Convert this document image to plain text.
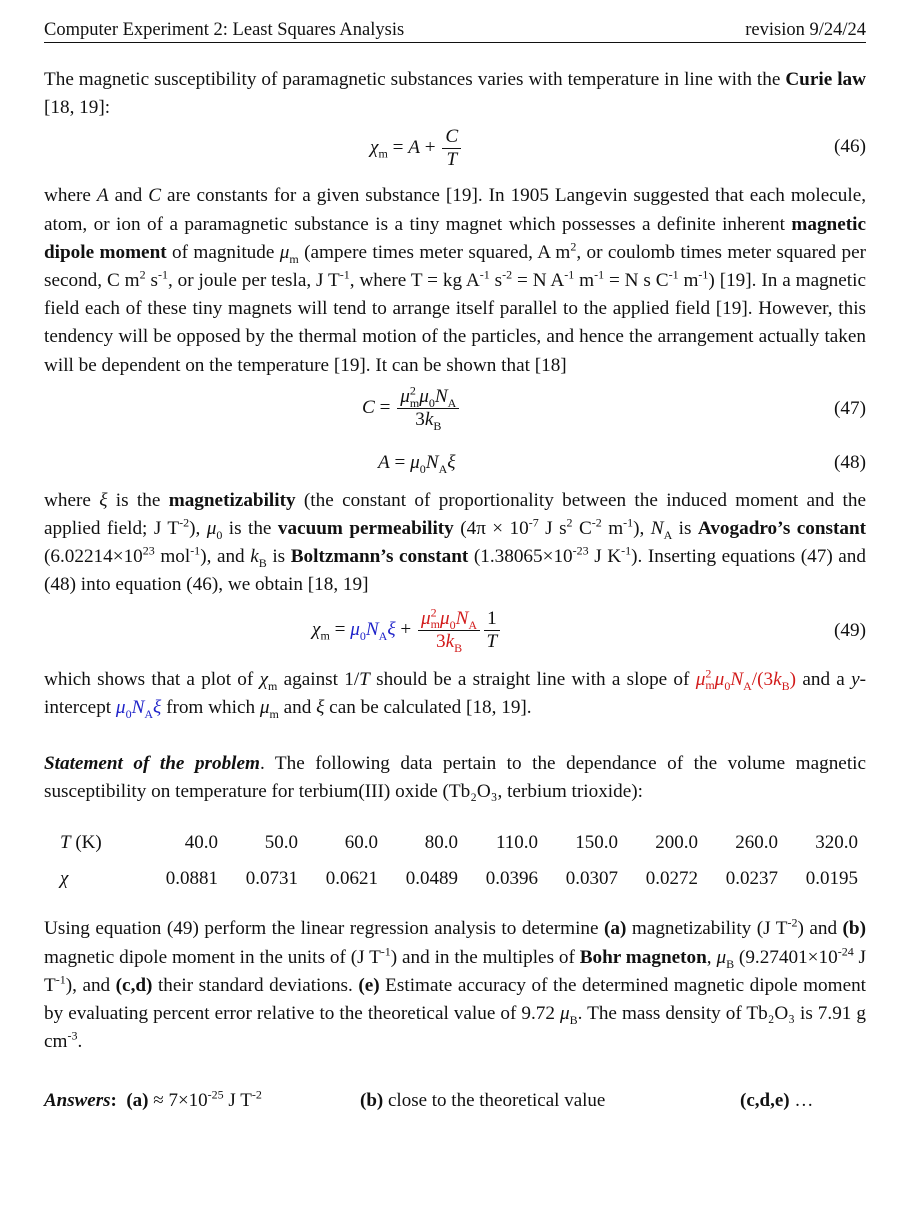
Computer Experiment 2: Least Squares Analysis	revision 9/24/24

The magnetic susceptibility of paramagnetic substances varies with temperature in line with the Curie law [18, 19]:

$\chi_m = A + \frac{C}{T}$	(46)

where A and C are constants for a given substance [19]. In 1905 Langevin suggested that each molecule, atom, or ion of a paramagnetic substance is a tiny magnet which possesses a definite inherent magnetic dipole moment of magnitude $\mu_m$ (ampere times meter squared, A $m^2$, or coulomb times meter squared per second, C $m^2$ $s^{-1}$, or joule per tesla, J $T^{-1}$, where T = kg $A^{-1}$ $s^{-2} = N$ $A^{-1}$ $m^{-1} = N$ s $C^{-1}$ $m^{-1}$) [19]. In a magnetic field each of these tiny magnets will tend to arrange itself parallel to the applied field [19]. However, this tendency will be opposed by the thermal motion of the particles, and hence the arrangement actually taken will be dependent on the temperature [19]. It can be shown that [18]

$C = \frac{\mu^2_m\mu_0N_A}{3k_B}$	(47)
$A = \mu_0N_A\xi$	(48)

where ξ is the magnetizability (the constant of proportionality between the induced moment and the applied field; J $T^{-2}$), $\mu_0$ is the vacuum permeability ($4\pi \times 10^{-7}$ J $s^2$ $C^{-2}$ $m^{-1}$), $N_A$ is Avogadro’s constant ($6.02214\times 10^{23}$ mol$^{-1}$), and $k_B$ is Boltzmann’s constant ($1.38065\times 10^{-23}$ J $K^{-1}$). Inserting equations (47) and (48) into equation (46), we obtain [18, 19]

$\chi_m = \mu_0N_A\xi + \frac{\mu^2_m\mu_0N_A}{3k_B} \frac{1}{T}$	(49)

which shows that a plot of $\chi_m$ against 1/T should be a straight line with a slope of $\mu^2_m\mu_0N_A/(3k_B)$ and a y-intercept $\mu_0N_A\xi$ from which $\mu_m$ and ξ can be calculated [18, 19].

Statement of the problem. The following data pertain to the dependance of the volume magnetic susceptibility on temperature for terbium(III) oxide (Tb₂O₃, terbium trioxide):

T (K)	40.0	50.0	60.0	80.0	110.0	150.0	200.0	260.0	320.0
χ	0.0881	0.0731	0.0621	0.0489	0.0396	0.0307	0.0272	0.0237	0.0195

Using equation (49) perform the linear regression analysis to determine (a) magnetizability (J $T^{-2}$) and (b) magnetic dipole moment in the units of (J $T^{-1}$) and in the multiples of Bohr magneton, $\mu_B$ ($9.27401\times 10^{-24}$ J $T^{-1}$), and (c,d) their standard deviations. (e) Estimate accuracy of the determined magnetic dipole moment by evaluating percent error relative to the theoretical value of 9.72 $\mu_B$. The mass density of Tb₂O₃ is 7.91 g $cm^{-3}$.

Answers: $(a) \approx 7\times 10^{-25}$ J $T^{-2}$	(b) close to the theoretical value	(c,d,e) …
